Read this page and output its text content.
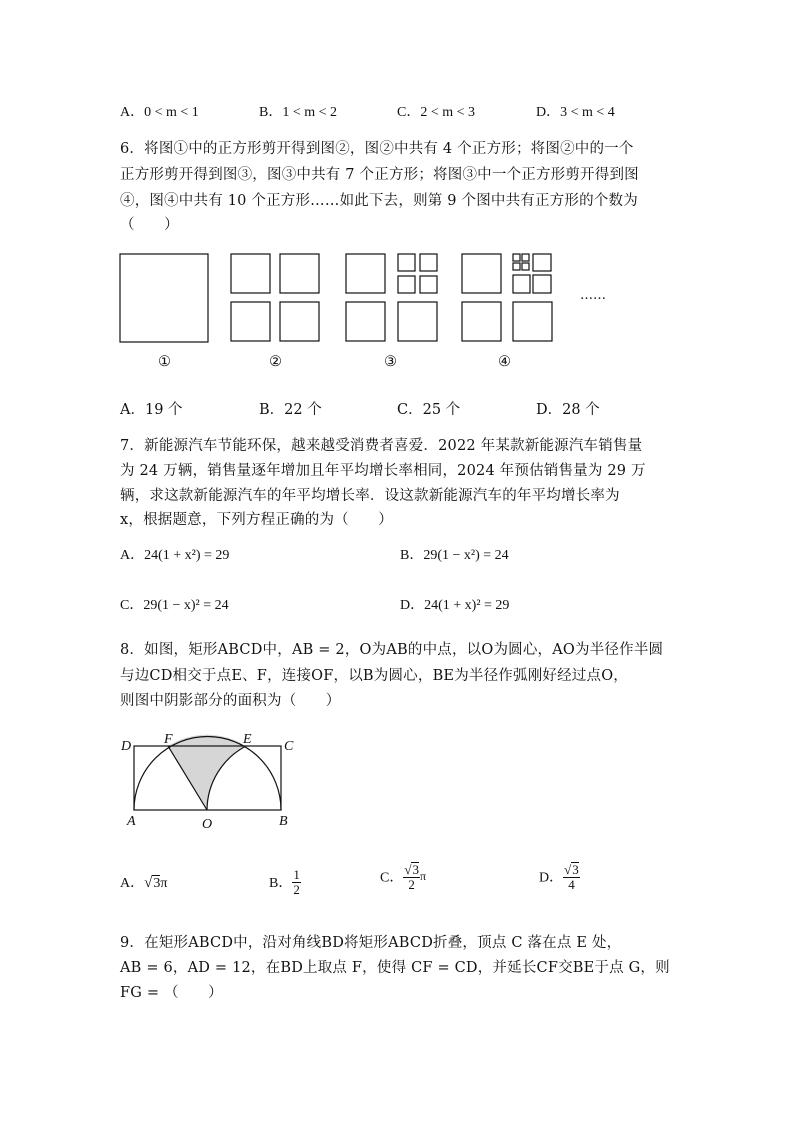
A．0 < m < 1	B．1 < m < 2	C．2 < m < 3	D．3 < m < 4
6．将图①中的正方形剪开得到图②，图②中共有 4 个正方形；将图②中的一个
正方形剪开得到图③，图③中共有 7 个正方形；将图③中一个正方形剪开得到图
④，图④中共有 10 个正方形……如此下去，则第 9 个图中共有正方形的个数为
（　　）
……
①	②	③	④
A．19 个	B．22 个	C．25 个	D．28 个
7．新能源汽车节能环保，越来越受消费者喜爱．2022 年某款新能源汽车销售量
为 24 万辆，销售量逐年增加且年平均增长率相同，2024 年预估销售量为 29 万
辆，求这款新能源汽车的年平均增长率．设这款新能源汽车的年平均增长率为
x，根据题意，下列方程正确的为（　　）
A．24(1 + x²) = 29	B．29(1 − x²) = 24
C．29(1 − x)² = 24	D．24(1 + x)² = 29
8．如图，矩形ABCD中，AB = 2，O为AB的中点，以O为圆心，AO为半径作半圆
与边CD相交于点E、F，连接OF，以B为圆心，BE为半径作弧刚好经过点O，
则图中阴影部分的面积为（　　）
D F	E C
A	O	B
A．√3π	B． $\frac{1}{2}$	C． $\frac{√3}{2}$ π	D． $\frac{√3}{4}$
9．在矩形ABCD中，沿对角线BD将矩形ABCD折叠，顶点 C 落在点 E 处，
AB = 6，AD = 12，在BD上取点 F，使得 CF = CD，并延长CF交BE于点 G，则
FG = （　　）
